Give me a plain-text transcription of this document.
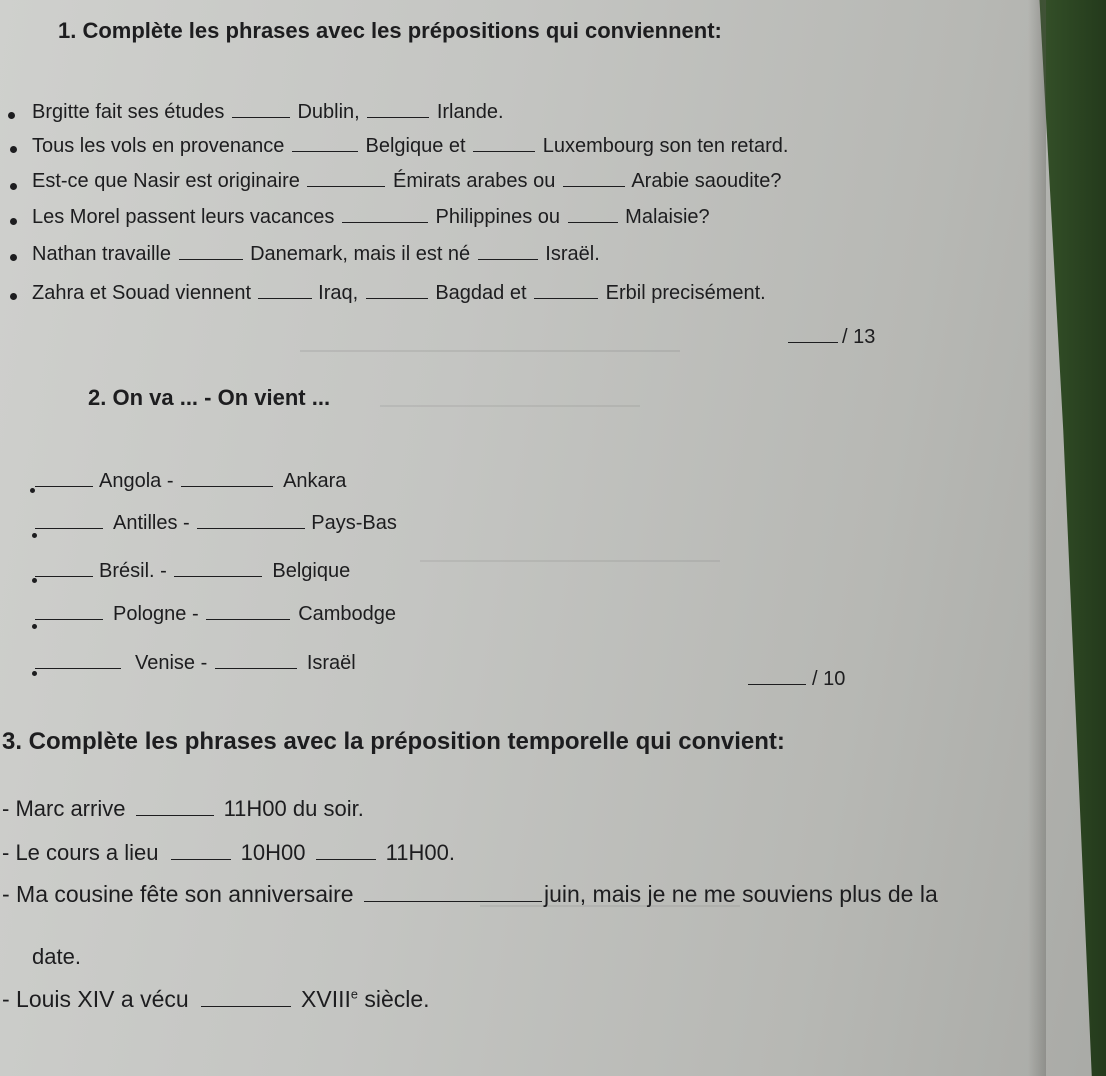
1. Complète les phrases avec les prépositions qui conviennent:
Brgitte fait ses études	Dublin,	Irlande.
Tous les vols en provenance	Belgique et	Luxembourg son ten retard.
Est-ce que Nasir est originaire	Émirats arabes ou	Arabie saoudite?
Les Morel passent leurs vacances	Philippines ou	Malaisie?
Nathan travaille	Danemark, mais il est né	Israël.
Zahra et Souad viennent	Iraq,	Bagdad et	Erbil precisément.
/ 13
2. On va ... - On vient ...
Angola -	Ankara
Antilles -	Pays-Bas
Brésil. -	Belgique
Pologne -	Cambodge
Venise -	Israël
/ 10
3. Complète les phrases avec la préposition temporelle qui convient:
- Marc arrive	11H00 du soir.
- Le cours a lieu	10H00	11H00.
- Ma cousine fête son anniversaire	juin, mais je ne me souviens plus de la
date.
- Louis XIV a vécu	XVIIIe siècle.
